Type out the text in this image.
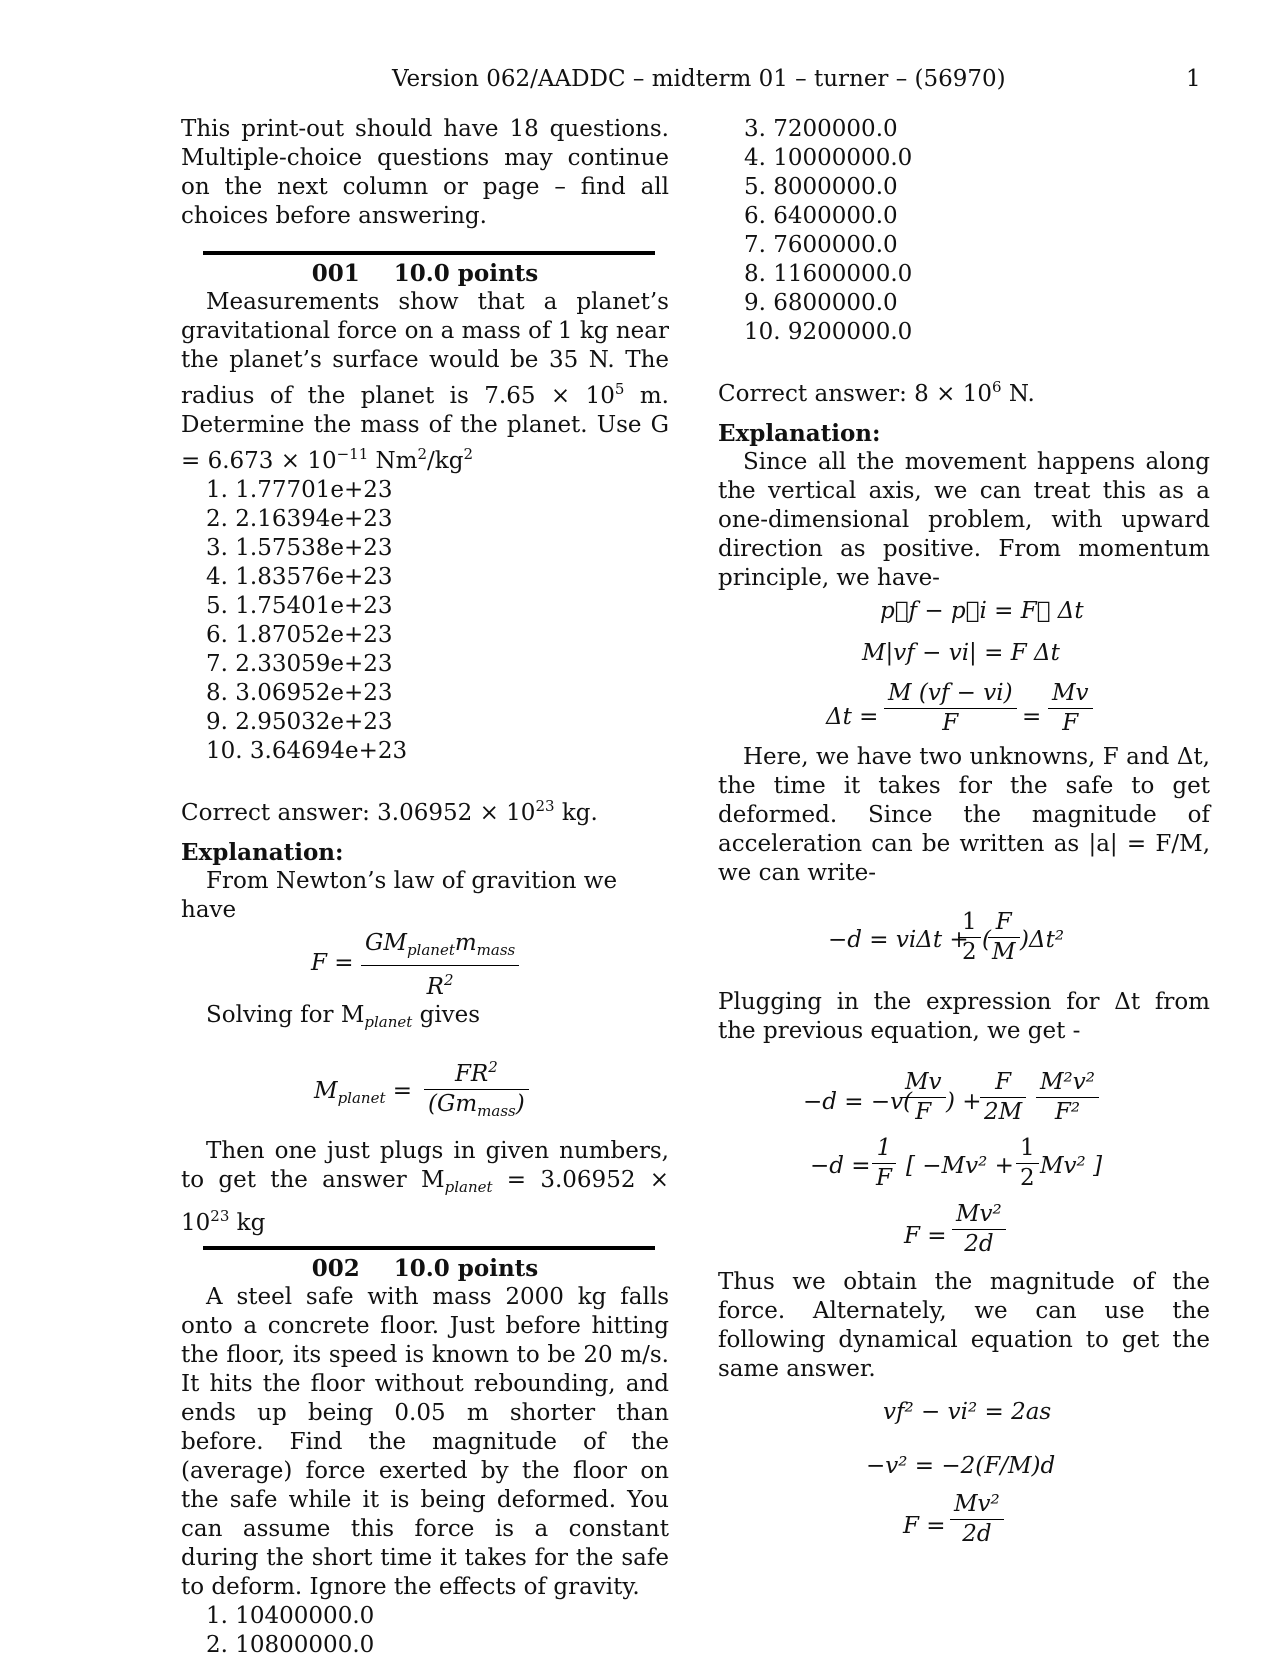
Version 062/AADDC – midterm 01 – turner – (56970)	1

This print-out should have 18 questions. Multiple-choice questions may continue on the next column or page – find all choices before answering.

001 10.0 points

Measurements show that a planet’s gravitational force on a mass of 1 kg near the planet’s surface would be 35 N. The radius of the planet is $7.65 \times 10^5$ m. Determine the mass of the planet. Use $G = 6.673 \times 10^{-11}$ $Nm^2/kg^2$

1. 1.77701e+23
2. 2.16394e+23
3. 1.57538e+23
4. 1.83576e+23
5. 1.75401e+23
6. 1.87052e+23
7. 2.33059e+23
8. 3.06952e+23
9. 2.95032e+23
10. 3.64694e+23

Correct answer: $3.06952 \times 10^{23}$ kg.

Explanation:

From Newton’s law of gravition we have

F =
$GM_{planet}m_{mass}$
$R^2$

Solving for $M_{planet}$ gives

$M_{planet}$ =
$FR^2$
$(Gm_{mass})$

Then one just plugs in given numbers, to get the answer $M_{planet} = 3.06952 \times 10^{23}$ kg

002 10.0 points

A steel safe with mass 2000 kg falls onto a concrete floor. Just before hitting the floor, its speed is known to be 20 m/s. It hits the floor without rebounding, and ends up being 0.05 m shorter than before. Find the magnitude of the (average) force exerted by the floor on the safe while it is being deformed. You can assume this force is a constant during the short time it takes for the safe to deform. Ignore the effects of gravity.

1. 10400000.0
2. 10800000.0
3. 7200000.0
4. 10000000.0
5. 8000000.0
6. 6400000.0
7. 7600000.0
8. 11600000.0
9. 6800000.0
10. 9200000.0

Correct answer: $8 \times 10^6$ N.

Explanation:

Since all the movement happens along the vertical axis, we can treat this as a one-dimensional problem, with upward direction as positive. From momentum principle, we have-

p⃗f − p⃗i = F⃗ Δt
M|vf − vi| = F Δt
$\Delta t = \frac{M (vf - vi)}{F} = \frac{Mv}{F}$

Here, we have two unknowns, F and Δt, the time it takes for the safe to get deformed. Since the magnitude of acceleration can be written as |a| = F/M, we can write-

−d = viΔt +
$\frac{1}{2}$ (
$\frac{F}{M} )\Delta t^2$

Plugging in the expression for Δt from the previous equation, we get -

−d = −v(
$\frac{Mv}{F}$ ) +
$\frac{F}{2M} \frac{\text{M²v²}}{\text{F²}}$
$-d = \frac{1}{F}$ [ $-Mv^2 + \frac{1}{2} Mv^2$ ]
$F = \frac{\text{Mv²}}{2d}$

Thus we obtain the magnitude of the force. Alternately, we can use the following dynamical equation to get the same answer.

vf² − vi² = 2as
−v² = −2(F/M)d
$F = \frac{\text{Mv²}}{2d}$
